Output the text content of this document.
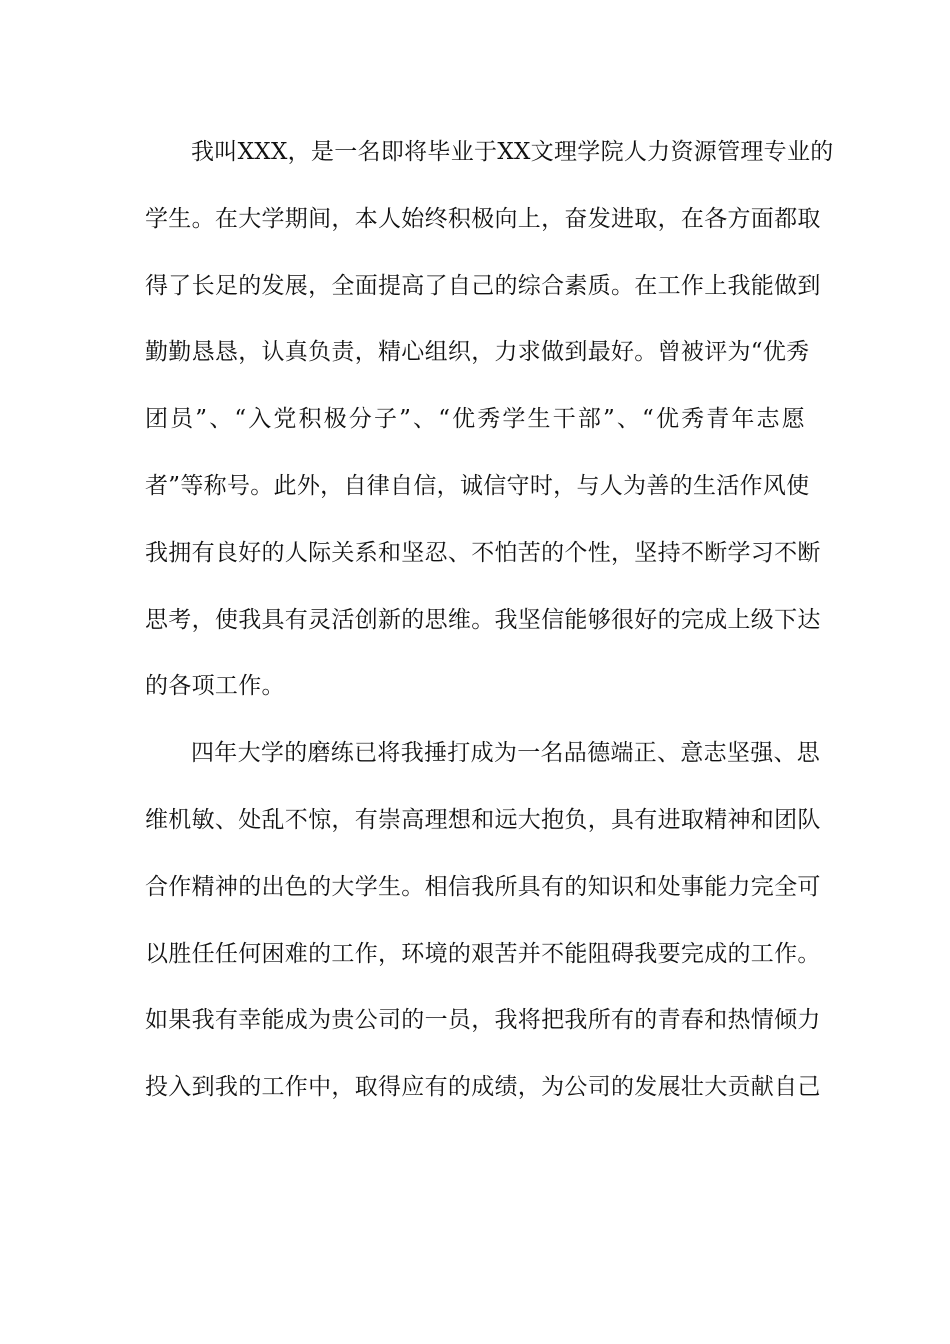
我叫XXX，是一名即将毕业于XX文理学院人力资源管理专业的
学生。在大学期间，本人始终积极向上，奋发进取，在各方面都取
得了长足的发展，全面提高了自己的综合素质。在工作上我能做到
勤勤恳恳，认真负责，精心组织，力求做到最好。曾被评为“优秀
团员”、“入党积极分子”、“优秀学生干部”、“优秀青年志愿
者”等称号。此外，自律自信，诚信守时，与人为善的生活作风使
我拥有良好的人际关系和坚忍、不怕苦的个性，坚持不断学习不断
思考，使我具有灵活创新的思维。我坚信能够很好的完成上级下达
的各项工作。
四年大学的磨练已将我捶打成为一名品德端正、意志坚强、思
维机敏、处乱不惊，有崇高理想和远大抱负，具有进取精神和团队
合作精神的出色的大学生。相信我所具有的知识和处事能力完全可
以胜任任何困难的工作，环境的艰苦并不能阻碍我要完成的工作。
如果我有幸能成为贵公司的一员，我将把我所有的青春和热情倾力
投入到我的工作中，取得应有的成绩，为公司的发展壮大贡献自己
